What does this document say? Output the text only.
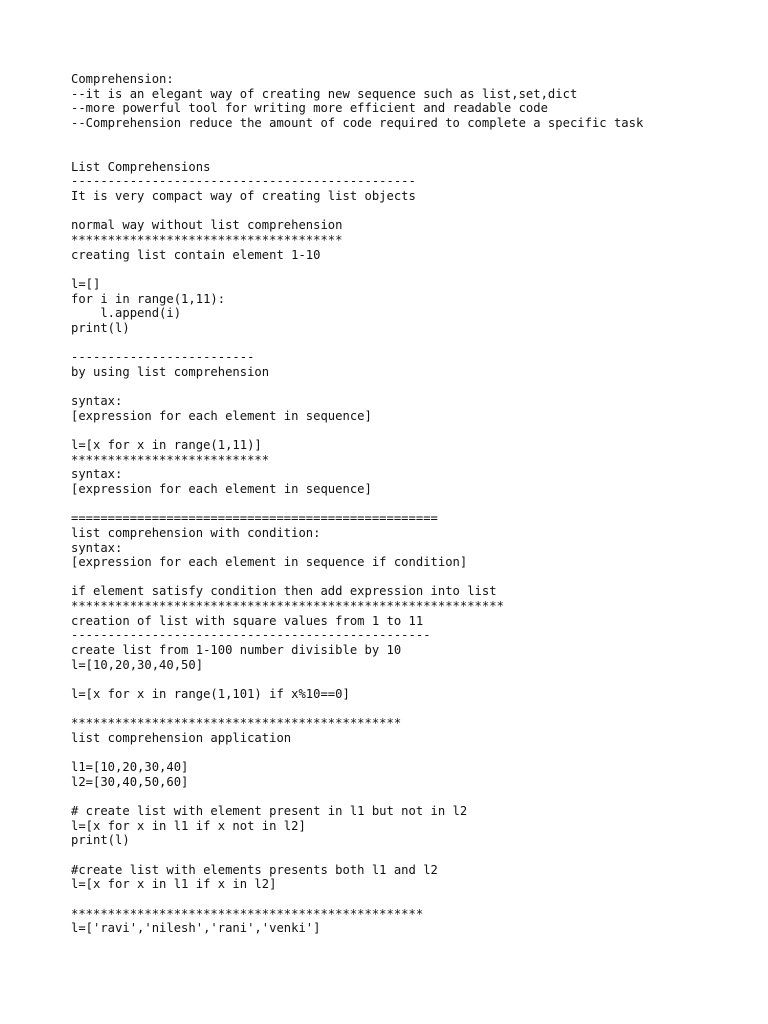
Comprehension:
--it is an elegant way of creating new sequence such as list,set,dict
--more powerful tool for writing more efficient and readable code
--Comprehension reduce the amount of code required to complete a specific task
List Comprehensions
-----------------------------------------------
It is very compact way of creating list objects
normal way without list comprehension
*************************************
creating list contain element 1-10
l=[]
for i in range(1,11):
l.append(i)
print(l)
-------------------------
by using list comprehension
syntax:
[expression for each element in sequence]
l=[x for x in range(1,11)]
***************************
syntax:
[expression for each element in sequence]
==================================================
list comprehension with condition:
syntax:
[expression for each element in sequence if condition]
if element satisfy condition then add expression into list
***********************************************************
creation of list with square values from 1 to 11
-------------------------------------------------
create list from 1-100 number divisible by 10
l=[10,20,30,40,50]
l=[x for x in range(1,101) if x%10==0]
*********************************************
list comprehension application
l1=[10,20,30,40]
l2=[30,40,50,60]
# create list with element present in l1 but not in l2
l=[x for x in l1 if x not in l2]
print(l)
#create list with elements presents both l1 and l2
l=[x for x in l1 if x in l2]
************************************************
l=['ravi','nilesh','rani','venki']
